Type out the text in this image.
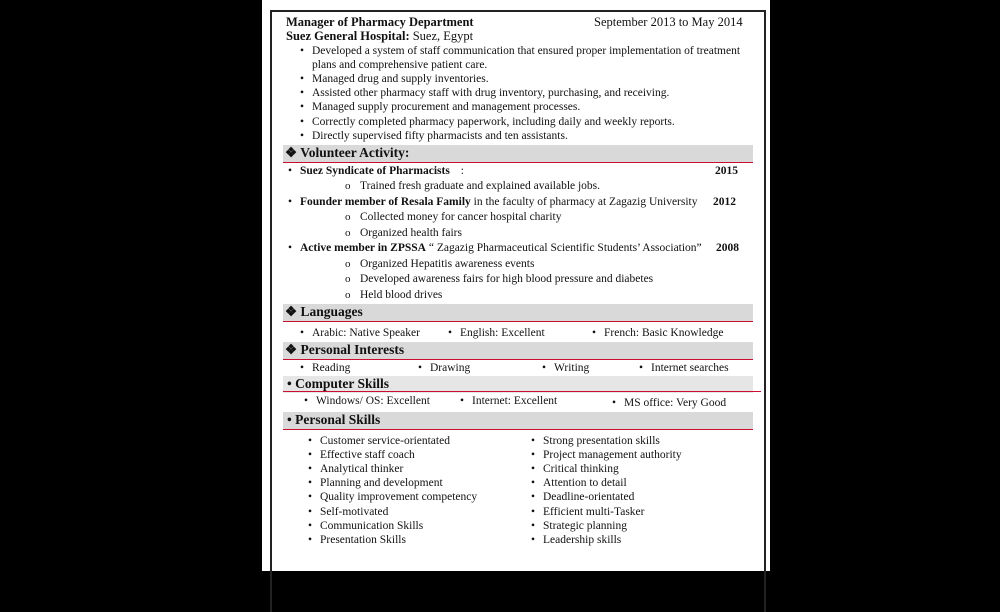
Manager of Pharmacy Department	September 2013 to May 2014
Suez General Hospital: Suez, Egypt
• Developed a system of staff communication that ensured proper implementation of treatment
plans and comprehensive patient care.
• Managed drug and supply inventories.
• Assisted other pharmacy staff with drug inventory, purchasing, and receiving.
• Managed supply procurement and management processes.
• Correctly completed pharmacy paperwork, including daily and weekly reports.
• Directly supervised fifty pharmacists and ten assistants.
❖ Volunteer Activity:
• Suez Syndicate of Pharmacists :	2015
o Trained fresh graduate and explained available jobs.
• Founder member of Resala Family in the faculty of pharmacy at Zagazig University 2012
o Collected money for cancer hospital charity
o Organized health fairs
• Active member in ZPSSA “ Zagazig Pharmaceutical Scientific Students’ Association” 2008
o Organized Hepatitis awareness events
o Developed awareness fairs for high blood pressure and diabetes
o Held blood drives
❖ Languages
• Arabic: Native Speaker	• English: Excellent	• French: Basic Knowledge
❖ Personal Interests
• Reading	• Drawing	• Writing	• Internet searches
• Computer Skills
• Windows/ OS: Excellent	• Internet: Excellent	• MS office: Very Good
• Personal Skills
• Customer service-orientated
• Effective staff coach
• Analytical thinker
• Planning and development
• Quality improvement competency
• Self-motivated
• Communication Skills
• Presentation Skills
• Strong presentation skills
• Project management authority
• Critical thinking
• Attention to detail
• Deadline-orientated
• Efficient multi-Tasker
• Strategic planning
• Leadership skills
